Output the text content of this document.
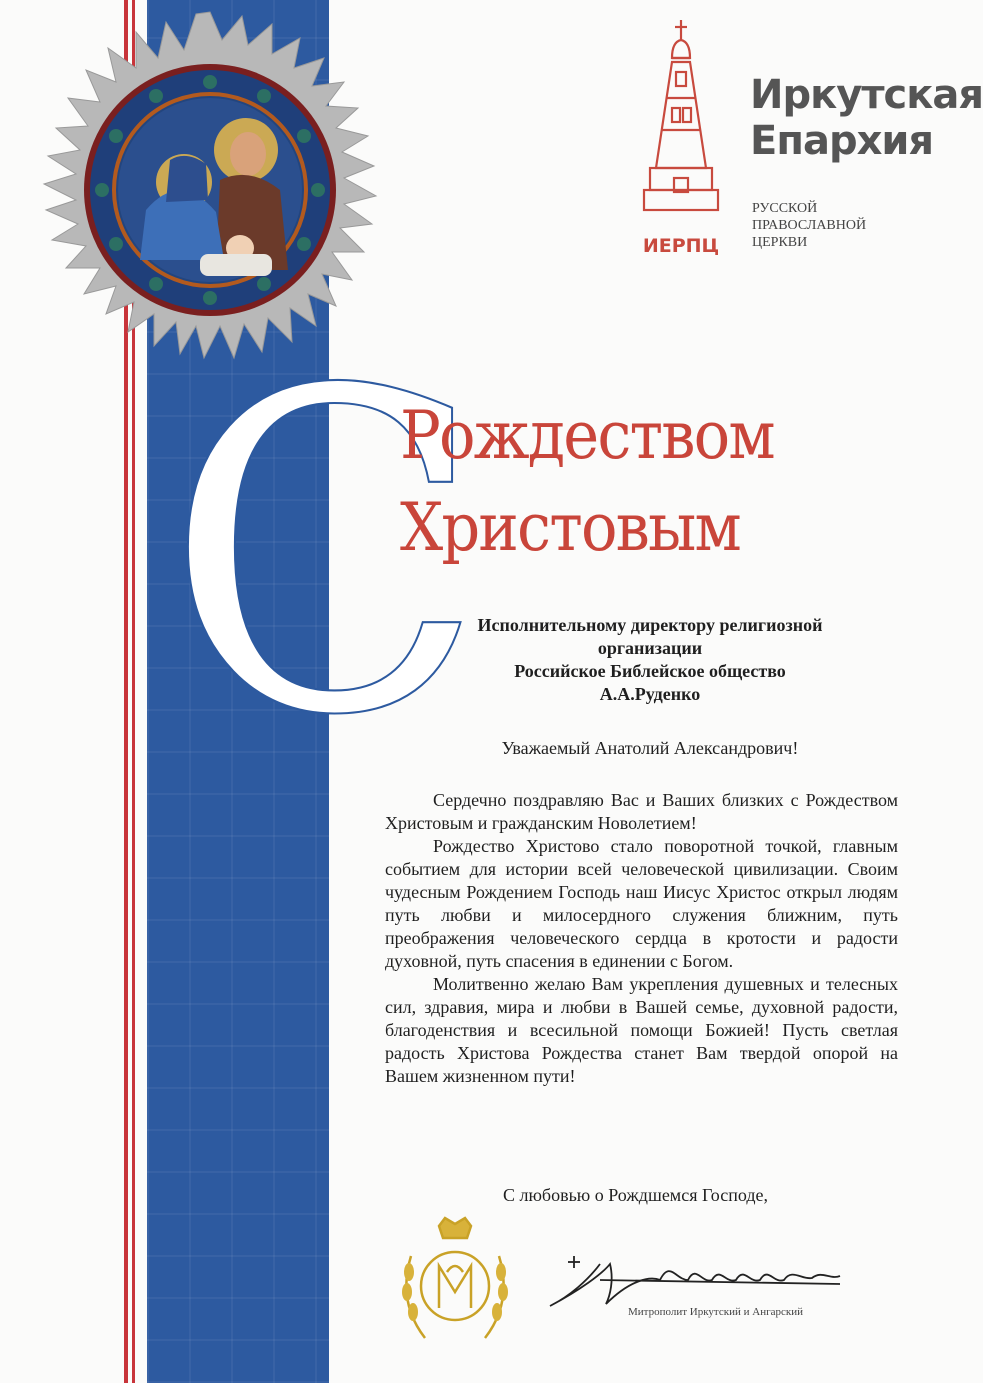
ИЕРПЦ
Иркутская
Епархия
РУССКОЙ
ПРАВОСЛАВНОЙ
ЦЕРКВИ
С
Рождеством
Христовым
Исполнительному директору религиозной
организации
Российское Библейское общество
А.А.Руденко
Уважаемый Анатолий Александрович!

Сердечно поздравляю Вас и Ваших близких с Рождеством Христовым и гражданским Новолетием!

Рождество Христово стало поворотной точкой, главным событием для истории всей человеческой цивилизации. Своим чудесным Рождением Господь наш Иисус Христос открыл людям путь любви и милосердного служения ближним, путь преображения человеческого сердца в кротости и радости духовной, путь спасения в единении с Богом.

Молитвенно желаю Вам укрепления душевных и телесных сил, здравия, мира и любви в Вашей семье, духовной радости, благоденствия и всесильной помощи Божией! Пусть светлая радость Христова Рождества станет Вам твердой опорой на Вашем жизненном пути!

С любовью о Рождшемся Господе,
Митрополит Иркутский и Ангарский
